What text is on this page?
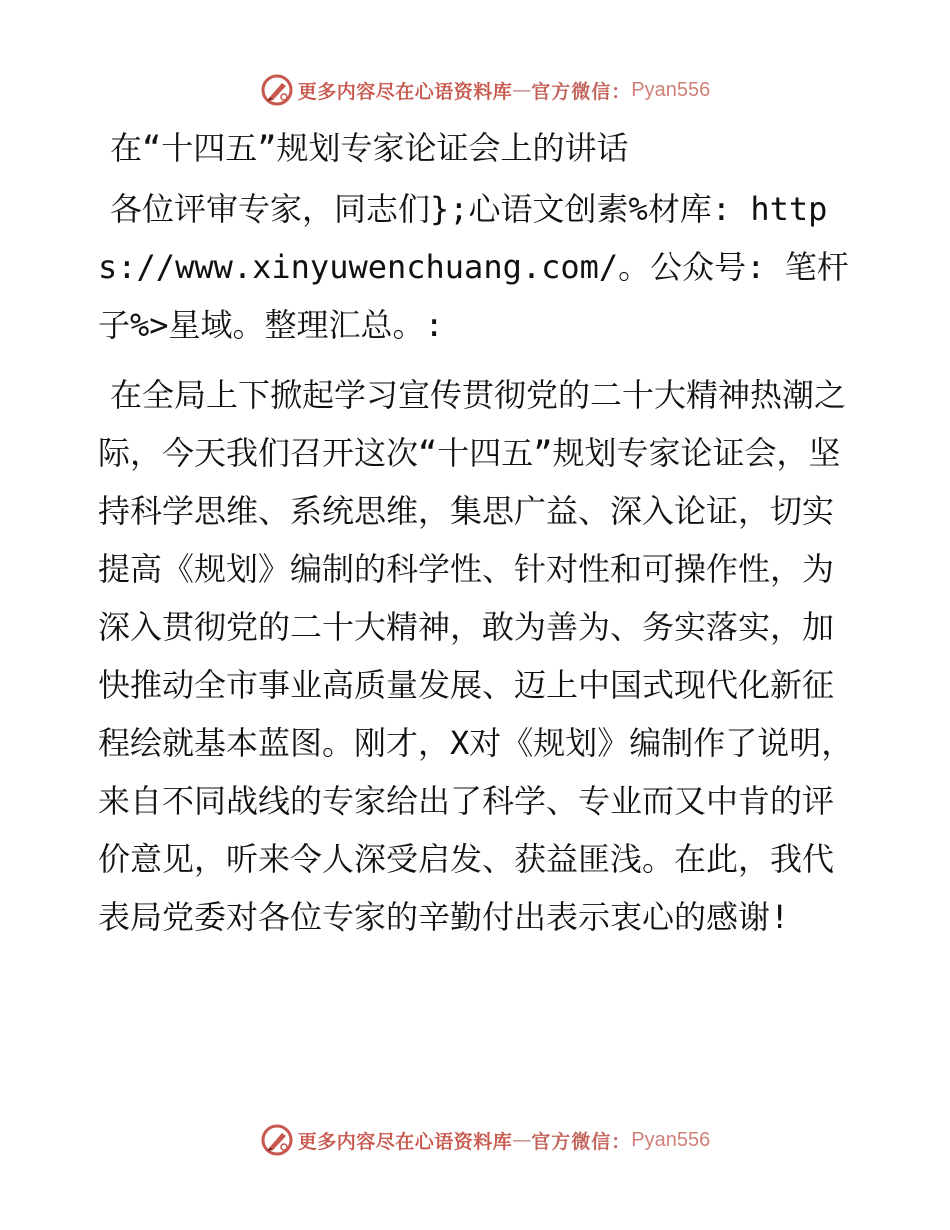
更多内容尽在心语资料库 — 官方微信： Pyan556
在“十四五”规划专家论证会上的讲话

各位评审专家，同志们};心语文创素%材库: https://www.xinyuwenchuang.com/。公众号: 笔杆子%>星域。整理汇总。:

在全局上下掀起学习宣传贯彻党的二十大精神热潮之际，今天我们召开这次“十四五”规划专家论证会，坚持科学思维、系统思维，集思广益、深入论证，切实提高《规划》编制的科学性、针对性和可操作性，为深入贯彻党的二十大精神，敢为善为、务实落实，加快推动全市事业高质量发展、迈上中国式现代化新征程绘就基本蓝图。刚才，X对《规划》编制作了说明，来自不同战线的专家给出了科学、专业而又中肯的评价意见，听来令人深受启发、获益匪浅。在此，我代表局党委对各位专家的辛勤付出表示衷心的感谢!

更多内容尽在心语资料库 — 官方微信： Pyan556
